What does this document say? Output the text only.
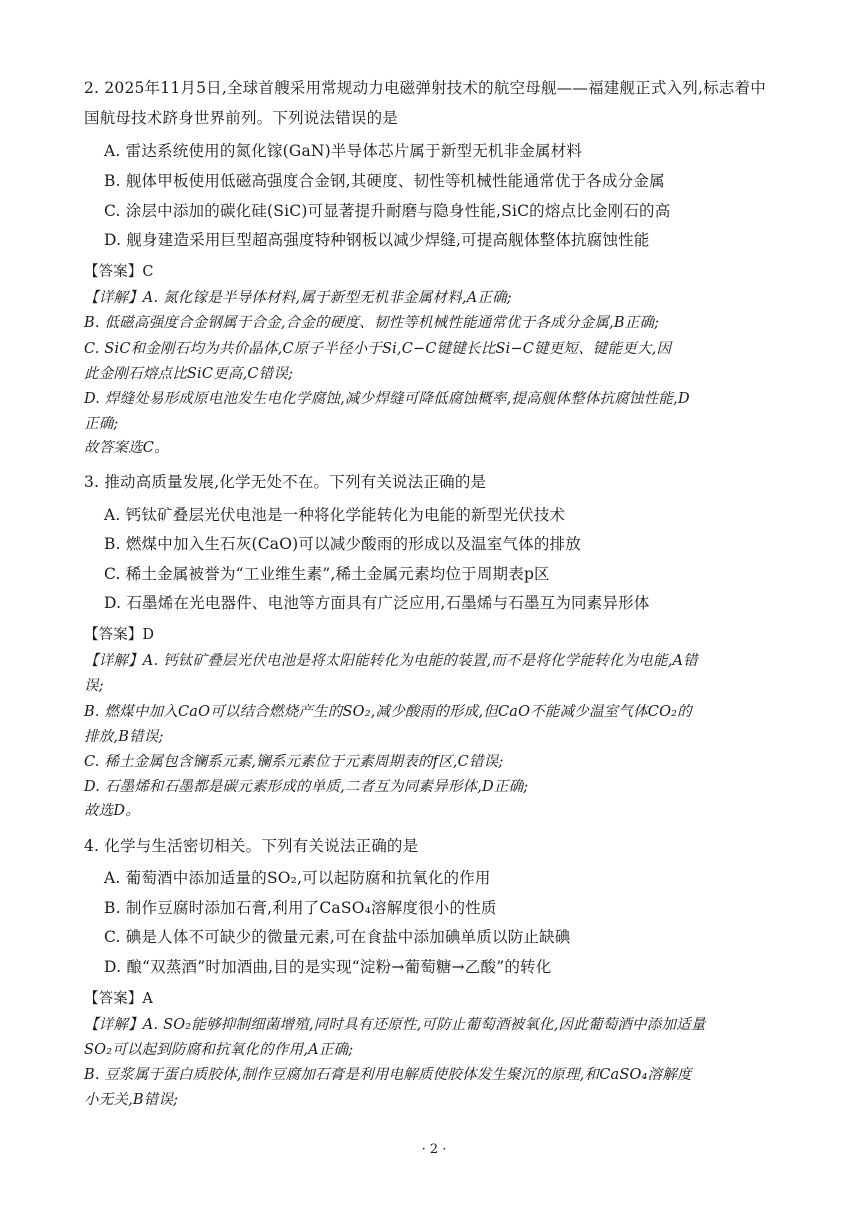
2. 2025年11月5日,全球首艘采用常规动力电磁弹射技术的航空母舰——福建舰正式入列,标志着中
国航母技术跻身世界前列。下列说法错误的是
A. 雷达系统使用的氮化镓(GaN)半导体芯片属于新型无机非金属材料
B. 舰体甲板使用低磁高强度合金钢,其硬度、韧性等机械性能通常优于各成分金属
C. 涂层中添加的碳化硅(SiC)可显著提升耐磨与隐身性能,SiC的熔点比金刚石的高
D. 舰身建造采用巨型超高强度特种钢板以减少焊缝,可提高舰体整体抗腐蚀性能
【答案】C
【详解】A. 氮化镓是半导体材料,属于新型无机非金属材料,A正确;
B. 低磁高强度合金钢属于合金,合金的硬度、韧性等机械性能通常优于各成分金属,B正确;
C. SiC和金刚石均为共价晶体,C原子半径小于Si,C−C键键长比Si−C键更短、键能更大,因
此金刚石熔点比SiC更高,C错误;
D. 焊缝处易形成原电池发生电化学腐蚀,减少焊缝可降低腐蚀概率,提高舰体整体抗腐蚀性能,D
正确;
故答案选C。
3. 推动高质量发展,化学无处不在。下列有关说法正确的是
A. 钙钛矿叠层光伏电池是一种将化学能转化为电能的新型光伏技术
B. 燃煤中加入生石灰(CaO)可以减少酸雨的形成以及温室气体的排放
C. 稀土金属被誉为“工业维生素”,稀土金属元素均位于周期表p区
D. 石墨烯在光电器件、电池等方面具有广泛应用,石墨烯与石墨互为同素异形体
【答案】D
【详解】A. 钙钛矿叠层光伏电池是将太阳能转化为电能的装置,而不是将化学能转化为电能,A错
误;
B. 燃煤中加入CaO可以结合燃烧产生的SO₂,减少酸雨的形成,但CaO不能减少温室气体CO₂的
排放,B错误;
C. 稀土金属包含镧系元素,镧系元素位于元素周期表的f区,C错误;
D. 石墨烯和石墨都是碳元素形成的单质,二者互为同素异形体,D正确;
故选D。
4. 化学与生活密切相关。下列有关说法正确的是
A. 葡萄酒中添加适量的SO₂,可以起防腐和抗氧化的作用
B. 制作豆腐时添加石膏,利用了CaSO₄溶解度很小的性质
C. 碘是人体不可缺少的微量元素,可在食盐中添加碘单质以防止缺碘
D. 酿“双蒸酒”时加酒曲,目的是实现“淀粉→葡萄糖→乙酸”的转化
【答案】A
【详解】A. SO₂能够抑制细菌增殖,同时具有还原性,可防止葡萄酒被氧化,因此葡萄酒中添加适量
SO₂可以起到防腐和抗氧化的作用,A正确;
B. 豆浆属于蛋白质胶体,制作豆腐加石膏是利用电解质使胶体发生聚沉的原理,和CaSO₄溶解度
小无关,B错误;
· 2 ·
